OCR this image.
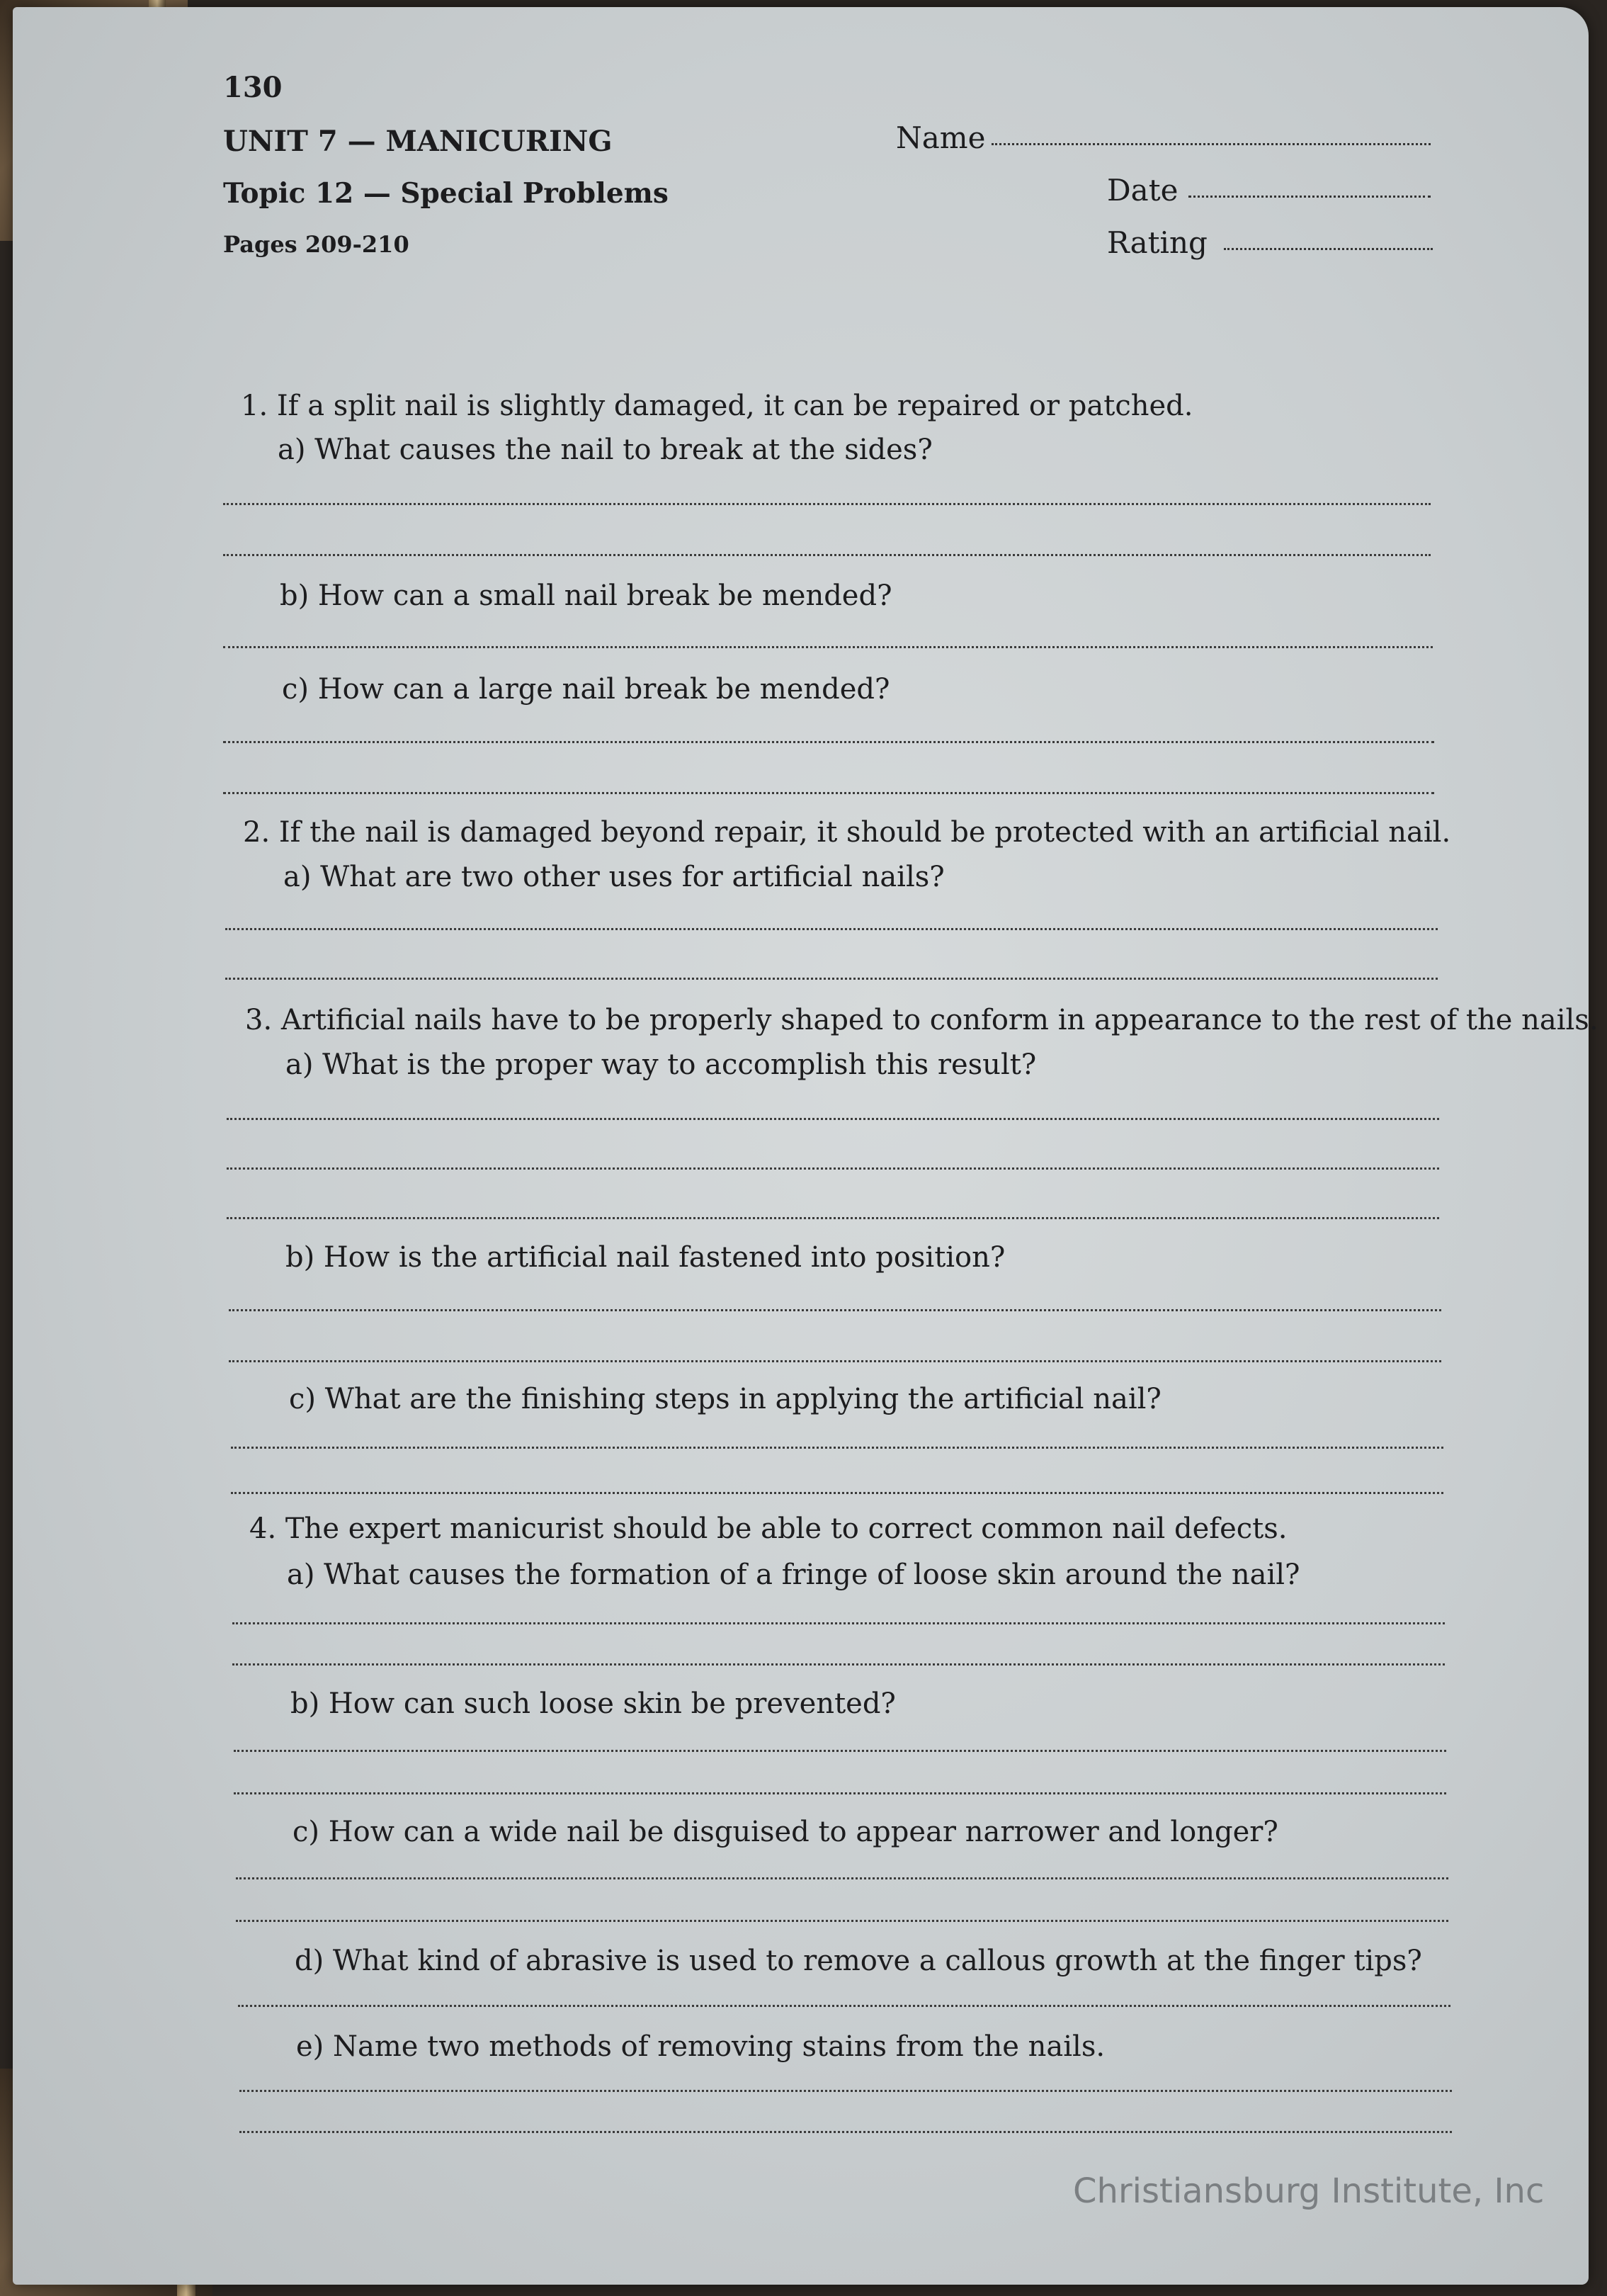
130
UNIT 7 — MANICURING
Topic 12 — Special Problems
Pages 209-210
Name
Date
Rating
1. If a split nail is slightly damaged, it can be repaired or patched.
a) What causes the nail to break at the sides?
b) How can a small nail break be mended?
c) How can a large nail break be mended?
2. If the nail is damaged beyond repair, it should be protected with an artificial nail.
a) What are two other uses for artificial nails?
3. Artificial nails have to be properly shaped to conform in appearance to the rest of the nails.
a) What is the proper way to accomplish this result?
b) How is the artificial nail fastened into position?
c) What are the finishing steps in applying the artificial nail?
4. The expert manicurist should be able to correct common nail defects.
a) What causes the formation of a fringe of loose skin around the nail?
b) How can such loose skin be prevented?
c) How can a wide nail be disguised to appear narrower and longer?
d) What kind of abrasive is used to remove a callous growth at the finger tips?
e) Name two methods of removing stains from the nails.
Christiansburg Institute, Inc
